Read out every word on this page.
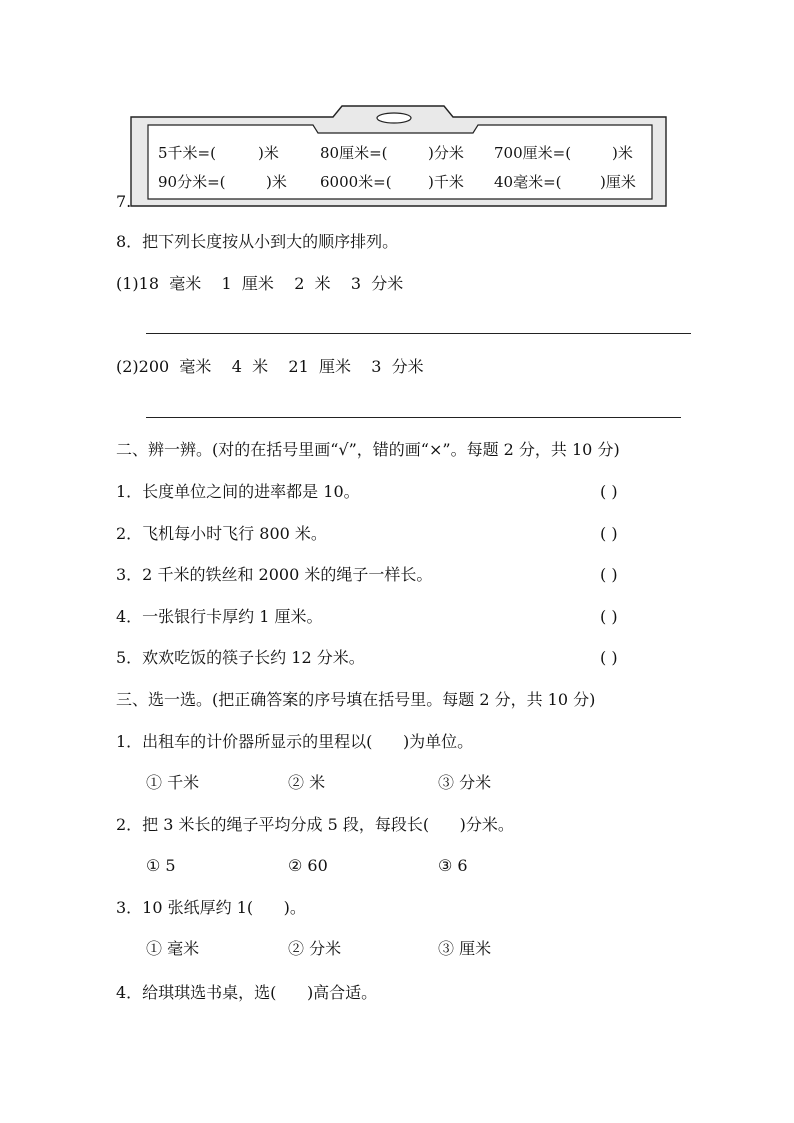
7.
5千米=(	)米	80厘米=(	)分米 700厘米=(	)米
90分米=(	)米 6000米=( )千米 40毫米=(	)厘米
8．把下列长度按从小到大的顺序排列。
(1)18  毫米    1  厘米    2  米    3  分米
(2)200  毫米    4  米    21  厘米    3  分米
二、辨一辨。(对的在括号里画“√”，错的画“×”。每题 2 分，共 10 分)
1．长度单位之间的进率都是 10。	( )
2．飞机每小时飞行 800 米。	( )
3．2 千米的铁丝和 2000 米的绳子一样长。	( )
4．一张银行卡厚约 1 厘米。	( )
5．欢欢吃饭的筷子长约 12 分米。	( )
三、选一选。(把正确答案的序号填在括号里。每题 2 分，共 10 分)
1．出租车的计价器所显示的里程以(      )为单位。
① 千米	② 米	③ 分米
2．把 3 米长的绳子平均分成 5 段，每段长(      )分米。
① 5	② 60	③ 6
3．10 张纸厚约 1(      )。
① 毫米	② 分米	③ 厘米
4．给琪琪选书桌，选(      )高合适。
